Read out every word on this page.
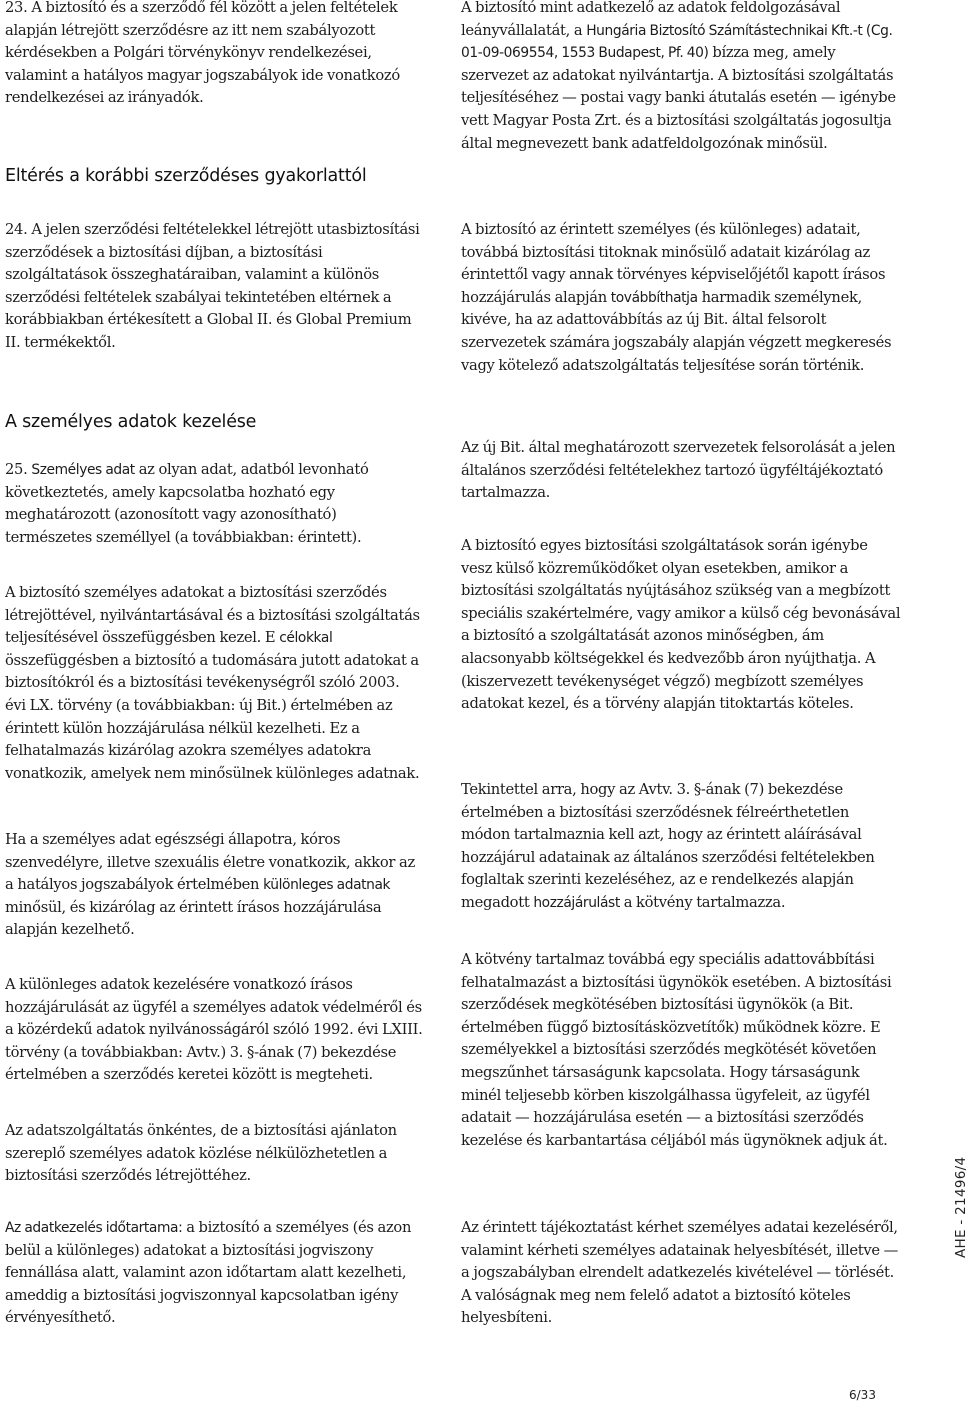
23. A biztosító és a szerződő fél között a jelen feltételek alapján létrejött szerződésre az itt nem szabályozott kérdésekben a Polgári törvénykönyv rendelkezései, valamint a hatályos magyar jogszabályok ide vonatkozó rendelkezései az irányadók.

Eltérés a korábbi szerződéses gyakorlattól

24. A jelen szerződési feltételekkel létrejött utasbiztosítási szerződések a biztosítási díjban, a biztosítási szolgáltatások összeghatáraiban, valamint a különös szerződési feltételek szabályai tekintetében eltérnek a korábbiakban értékesített a Global II. és Global Premium II. termékektől.

A személyes adatok kezelése

25. Személyes adat az olyan adat, adatból levonható következtetés, amely kapcsolatba hozható egy meghatározott (azonosított vagy azonosítható) természetes személlyel (a továbbiakban: érintett).

A biztosító személyes adatokat a biztosítási szerződés létrejöttével, nyilvántartásával és a biztosítási szolgáltatás teljesítésével összefüggésben kezel. E célokkal összefüggésben a biztosító a tudomására jutott adatokat a biztosítókról és a biztosítási tevékenységről szóló 2003. évi LX. törvény (a továbbiakban: új Bit.) értelmében az érintett külön hozzájárulása nélkül kezelheti. Ez a felhatalmazás kizárólag azokra személyes adatokra vonatkozik, amelyek nem minősülnek különleges adatnak.

Ha a személyes adat egészségi állapotra, kóros szenvedélyre, illetve szexuális életre vonatkozik, akkor az a hatályos jogszabályok értelmében különleges adatnak minősül, és kizárólag az érintett írásos hozzájárulása alapján kezelhető.

A különleges adatok kezelésére vonatkozó írásos hozzájárulását az ügyfél a személyes adatok védelméről és a közérdekű adatok nyilvánosságáról szóló 1992. évi LXIII. törvény (a továbbiakban: Avtv.) 3. §-ának (7) bekezdése értelmében a szerződés keretei között is megteheti.

Az adatszolgáltatás önkéntes, de a biztosítási ajánlaton szereplő személyes adatok közlése nélkülözhetetlen a biztosítási szerződés létrejöttéhez.

Az adatkezelés időtartama: a biztosító a személyes (és azon belül a különleges) adatokat a biztosítási jogviszony fennállása alatt, valamint azon időtartam alatt kezelheti, ameddig a biztosítási jogviszonnyal kapcsolatban igény érvényesíthető.

A biztosító mint adatkezelő az adatok feldolgozásával leányvállalatát, a Hungária Biztosító Számítástechnikai Kft.-t (Cg. 01-09-069554, 1553 Budapest, Pf. 40) bízza meg, amely szervezet az adatokat nyilvántartja. A biztosítási szolgáltatás teljesítéséhez — postai vagy banki átutalás esetén — igénybe vett Magyar Posta Zrt. és a biztosítási szolgáltatás jogosultja által megnevezett bank adatfeldolgozónak minősül.

A biztosító az érintett személyes (és különleges) adatait, továbbá biztosítási titoknak minősülő adatait kizárólag az érintettől vagy annak törvényes képviselőjétől kapott írásos hozzájárulás alapján továbbíthatja harmadik személynek, kivéve, ha az adattovábbítás az új Bit. által felsorolt szervezetek számára jogszabály alapján végzett megkeresés vagy kötelező adatszolgáltatás teljesítése során történik.

Az új Bit. által meghatározott szervezetek felsorolását a jelen általános szerződési feltételekhez tartozó ügyféltájékoztató tartalmazza.

A biztosító egyes biztosítási szolgáltatások során igénybe vesz külső közreműködőket olyan esetekben, amikor a biztosítási szolgáltatás nyújtásához szükség van a megbízott speciális szakértelmére, vagy amikor a külső cég bevonásával a biztosító a szolgáltatását azonos minőségben, ám alacsonyabb költségekkel és kedvezőbb áron nyújthatja. A (kiszervezett tevékenységet végző) megbízott személyes adatokat kezel, és a törvény alapján titoktartás köteles.

Tekintettel arra, hogy az Avtv. 3. §-ának (7) bekezdése értelmében a biztosítási szerződésnek félreérthetetlen módon tartalmaznia kell azt, hogy az érintett aláírásával hozzájárul adatainak az általános szerződési feltételekben foglaltak szerinti kezeléséhez, az e rendelkezés alapján megadott hozzájárulást a kötvény tartalmazza.

A kötvény tartalmaz továbbá egy speciális adattovábbítási felhatalmazást a biztosítási ügynökök esetében. A biztosítási szerződések megkötésében biztosítási ügynökök (a Bit. értelmében függő biztosításközvetítők) működnek közre. E személyekkel a biztosítási szerződés megkötését követően megszűnhet társaságunk kapcsolata. Hogy társaságunk minél teljesebb körben kiszolgálhassa ügyfeleit, az ügyfél adatait — hozzájárulása esetén — a biztosítási szerződés kezelése és karbantartása céljából más ügynöknek adjuk át.

Az érintett tájékoztatást kérhet személyes adatai kezeléséről, valamint kérheti személyes adatainak helyesbítését, illetve — a jogszabályban elrendelt adatkezelés kivételével — törlését. A valóságnak meg nem felelő adatot a biztosító köteles helyesbíteni.

AHE - 21496/4
6/33
